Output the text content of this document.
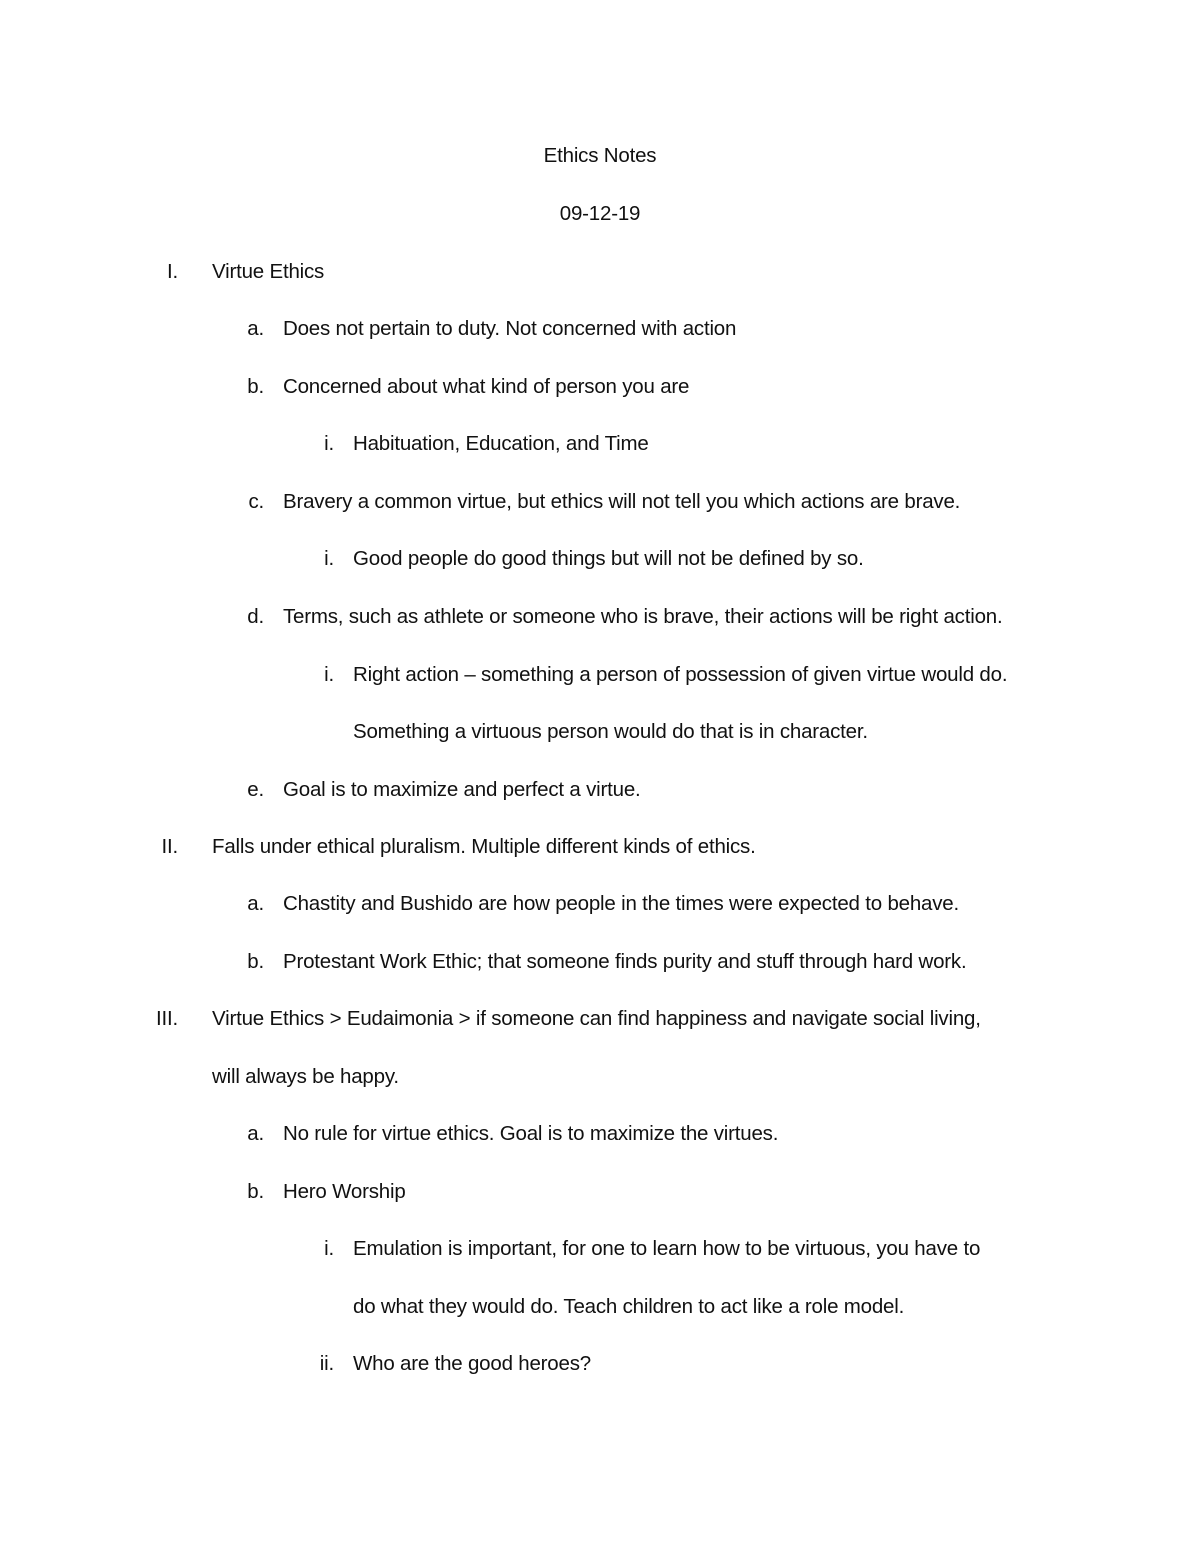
Ethics Notes
09-12-19
I. Virtue Ethics
a. Does not pertain to duty. Not concerned with action
b. Concerned about what kind of person you are
i. Habituation, Education, and Time
c. Bravery a common virtue, but ethics will not tell you which actions are brave.
i. Good people do good things but will not be defined by so.
d. Terms, such as athlete or someone who is brave, their actions will be right action.
i. Right action – something a person of possession of given virtue would do.
Something a virtuous person would do that is in character.
e. Goal is to maximize and perfect a virtue.
II. Falls under ethical pluralism. Multiple different kinds of ethics.
a. Chastity and Bushido are how people in the times were expected to behave.
b. Protestant Work Ethic; that someone finds purity and stuff through hard work.
III. Virtue Ethics > Eudaimonia > if someone can find happiness and navigate social living,
will always be happy.
a. No rule for virtue ethics. Goal is to maximize the virtues.
b. Hero Worship
i. Emulation is important, for one to learn how to be virtuous, you have to
do what they would do. Teach children to act like a role model.
ii. Who are the good heroes?
